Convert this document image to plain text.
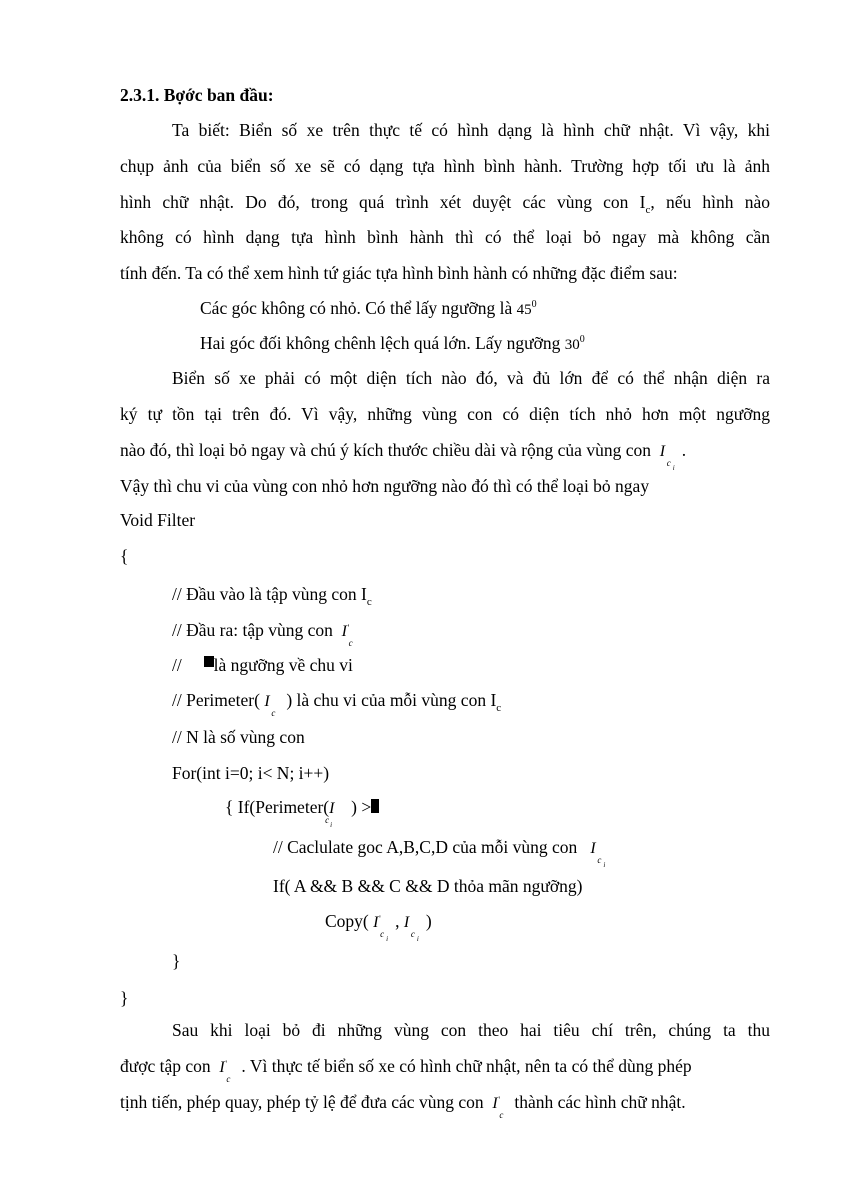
2.3.1. Bợớc ban đầu:
Ta biết: Biển số xe trên thực tế có hình dạng là hình chữ nhật. Vì vậy, khi
chụp ảnh của biển số xe sẽ có dạng tựa hình bình hành. Trường hợp tối ưu là ảnh
hình chữ nhật. Do đó, trong quá trình xét duyệt các vùng con $I_c$, nếu hình nào
không có hình dạng tựa hình bình hành thì có thể loại bỏ ngay mà không cần
tính đến. Ta có thể xem hình tứ giác tựa hình bình hành có những đặc điểm sau:
Các góc không có nhỏ. Có thể lấy ngưỡng là $45^0$
Hai góc đối không chênh lệch quá lớn. Lấy ngưỡng $30^0$
Biển số xe phải có một diện tích nào đó, và đủ lớn để có thể nhận diện ra
ký tự tồn tại trên đó. Vì vậy, những vùng con có diện tích nhỏ hơn một ngưỡng
nào đó, thì loại bỏ ngay và chú ý kích thước chiều dài và rộng của vùng con I
c i
.
Vậy thì chu vi của vùng con nhỏ hơn ngưỡng nào đó thì có thể loại bỏ ngay
Void Filter
{
// Đầu vào là tập vùng con $I_c$
// Đầu ra: tập vùng con I '
c
// là ngưỡng về chu vi
// Perimeter( I
c
) là chu vi của mỗi vùng con $I_c$
// N là số vùng con
For(int i=0; i< N; i++)
{ If(Perimeter(I
c i
) >
// Caclulate goc A,B,C,D của mỗi vùng con I
c i
If( A && B && C && D thỏa mãn ngưỡng)
Copy( I '
c i
, I
c i
)
}
}
Sau khi loại bỏ đi những vùng con theo hai tiêu chí trên, chúng ta thu
được tập con I '
c
. Vì thực tế biển số xe có hình chữ nhật, nên ta có thể dùng phép
tịnh tiến, phép quay, phép tỷ lệ để đưa các vùng con I '
c
thành các hình chữ nhật.
